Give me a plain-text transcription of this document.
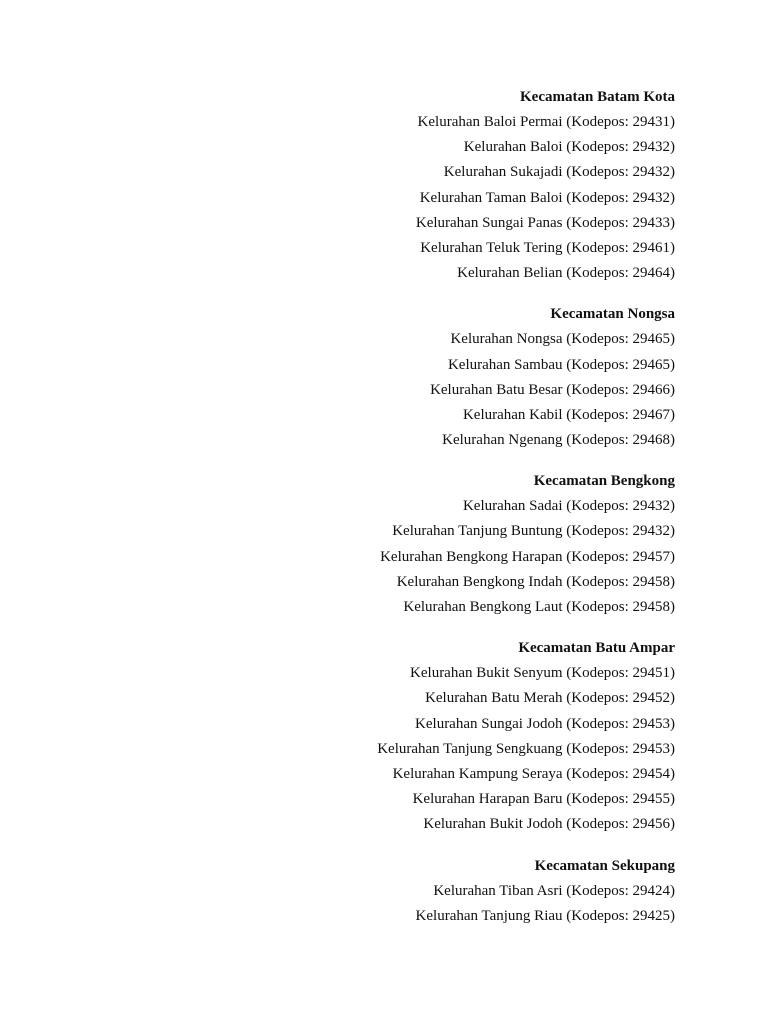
Kecamatan Batam Kota
Kelurahan Baloi Permai (Kodepos: 29431)
Kelurahan Baloi (Kodepos: 29432)
Kelurahan Sukajadi (Kodepos: 29432)
Kelurahan Taman Baloi (Kodepos: 29432)
Kelurahan Sungai Panas (Kodepos: 29433)
Kelurahan Teluk Tering (Kodepos: 29461)
Kelurahan Belian (Kodepos: 29464)
Kecamatan Nongsa
Kelurahan Nongsa (Kodepos: 29465)
Kelurahan Sambau (Kodepos: 29465)
Kelurahan Batu Besar (Kodepos: 29466)
Kelurahan Kabil (Kodepos: 29467)
Kelurahan Ngenang (Kodepos: 29468)
Kecamatan Bengkong
Kelurahan Sadai (Kodepos: 29432)
Kelurahan Tanjung Buntung (Kodepos: 29432)
Kelurahan Bengkong Harapan (Kodepos: 29457)
Kelurahan Bengkong Indah (Kodepos: 29458)
Kelurahan Bengkong Laut (Kodepos: 29458)
Kecamatan Batu Ampar
Kelurahan Bukit Senyum (Kodepos: 29451)
Kelurahan Batu Merah (Kodepos: 29452)
Kelurahan Sungai Jodoh (Kodepos: 29453)
Kelurahan Tanjung Sengkuang (Kodepos: 29453)
Kelurahan Kampung Seraya (Kodepos: 29454)
Kelurahan Harapan Baru (Kodepos: 29455)
Kelurahan Bukit Jodoh (Kodepos: 29456)
Kecamatan Sekupang
Kelurahan Tiban Asri (Kodepos: 29424)
Kelurahan Tanjung Riau (Kodepos: 29425)
